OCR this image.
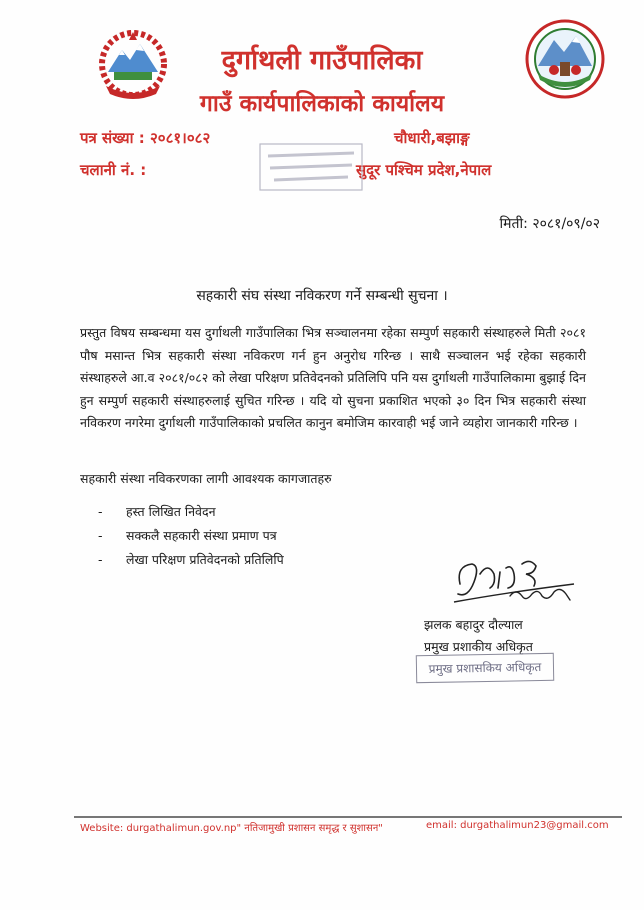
दुर्गाथली गाउँपालिका
गाउँ कार्यपालिकाको कार्यालय
पत्र संख्या : २०८१।०८२
चलानी नं. :
चौधारी,बझाङ्ग
सुदूर पश्चिम प्रदेश,नेपाल
मिती: २०८१/०९/०२
सहकारी संघ संस्था नविकरण गर्ने सम्बन्धी सुचना ।
प्रस्तुत विषय सम्बन्धमा यस दुर्गाथली गाउँपालिका भित्र सञ्चालनमा रहेका सम्पुर्ण सहकारी संस्थाहरुले मिती २०८१ पौष मसान्त भित्र सहकारी संस्था नविकरण गर्न हुन अनुरोध गरिन्छ । साथै सञ्चालन भई रहेका सहकारी संस्थाहरुले आ.व २०८१/०८२ को लेखा परिक्षण प्रतिवेदनको प्रतिलिपि पनि यस दुर्गाथली गाउँपालिकामा बुझाई दिन हुन सम्पुर्ण सहकारी संस्थाहरुलाई सुचित गरिन्छ । यदि यो सुचना प्रकाशित भएको ३० दिन भित्र सहकारी संस्था नविकरण नगरेमा दुर्गाथली गाउँपालिकाको प्रचलित कानुन बमोजिम कारवाही भई जाने व्यहोरा जानकारी गरिन्छ ।
सहकारी संस्था नविकरणका लागी आवश्यक कागजातहरु
- हस्त लिखित निवेदन
- सक्कलै सहकारी संस्था प्रमाण पत्र
- लेखा परिक्षण प्रतिवेदनको प्रतिलिपि
झलक बहादुर दौल्याल
प्रमुख प्रशाकीय अधिकृत
प्रमुख प्रशासकिय अधिकृत
Website: durgathalimun.gov.np" नतिजामुखी प्रशासन समृद्ध र सुशासन"	email: durgathalimun23@gmail.com
